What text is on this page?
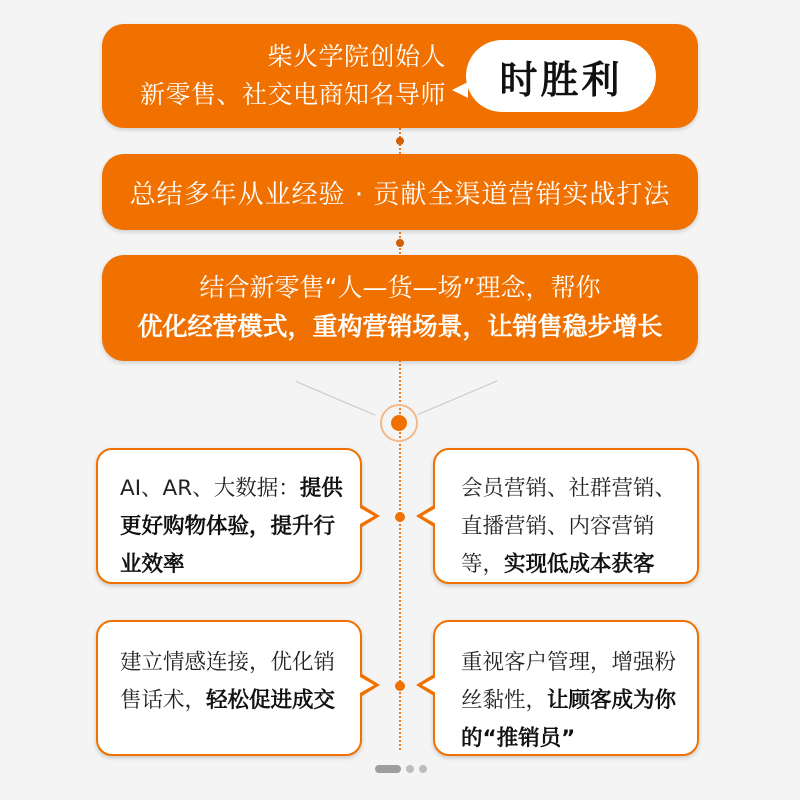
柴火学院创始人
新零售、社交电商知名导师 时胜利
总结多年从业经验 · 贡献全渠道营销实战打法
结合新零售“人—货—场”理念，帮你
优化经营模式，重构营销场景，让销售稳步增长
AI、AR、大数据：提供
更好购物体验，提升行
业效率
会员营销、社群营销、
直播营销、内容营销
等，实现低成本获客
建立情感连接，优化销
售话术，轻松促进成交
重视客户管理，增强粉
丝黏性，让顾客成为你
的“推销员”
